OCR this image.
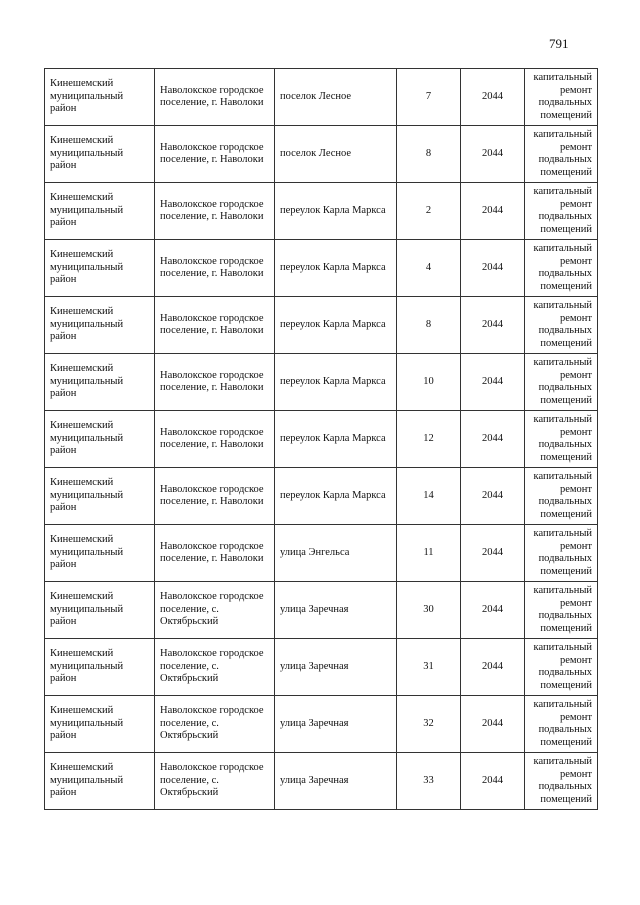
791
Кинешемский муниципальный район	Наволокское городское поселение, г. Наволоки	поселок Лесное	7	2044	капитальный ремонт подвальных помещений
Кинешемский муниципальный район	Наволокское городское поселение, г. Наволоки	поселок Лесное	8	2044	капитальный ремонт подвальных помещений
Кинешемский муниципальный район	Наволокское городское поселение, г. Наволоки	переулок Карла Маркса	2	2044	капитальный ремонт подвальных помещений
Кинешемский муниципальный район	Наволокское городское поселение, г. Наволоки	переулок Карла Маркса	4	2044	капитальный ремонт подвальных помещений
Кинешемский муниципальный район	Наволокское городское поселение, г. Наволоки	переулок Карла Маркса	8	2044	капитальный ремонт подвальных помещений
Кинешемский муниципальный район	Наволокское городское поселение, г. Наволоки	переулок Карла Маркса	10	2044	капитальный ремонт подвальных помещений
Кинешемский муниципальный район	Наволокское городское поселение, г. Наволоки	переулок Карла Маркса	12	2044	капитальный ремонт подвальных помещений
Кинешемский муниципальный район	Наволокское городское поселение, г. Наволоки	переулок Карла Маркса	14	2044	капитальный ремонт подвальных помещений
Кинешемский муниципальный район	Наволокское городское поселение, г. Наволоки	улица Энгельса	11	2044	капитальный ремонт подвальных помещений
Кинешемский муниципальный район	Наволокское городское поселение, с. Октябрьский	улица Заречная	30	2044	капитальный ремонт подвальных помещений
Кинешемский муниципальный район	Наволокское городское поселение, с. Октябрьский	улица Заречная	31	2044	капитальный ремонт подвальных помещений
Кинешемский муниципальный район	Наволокское городское поселение, с. Октябрьский	улица Заречная	32	2044	капитальный ремонт подвальных помещений
Кинешемский муниципальный район	Наволокское городское поселение, с. Октябрьский	улица Заречная	33	2044	капитальный ремонт подвальных помещений
